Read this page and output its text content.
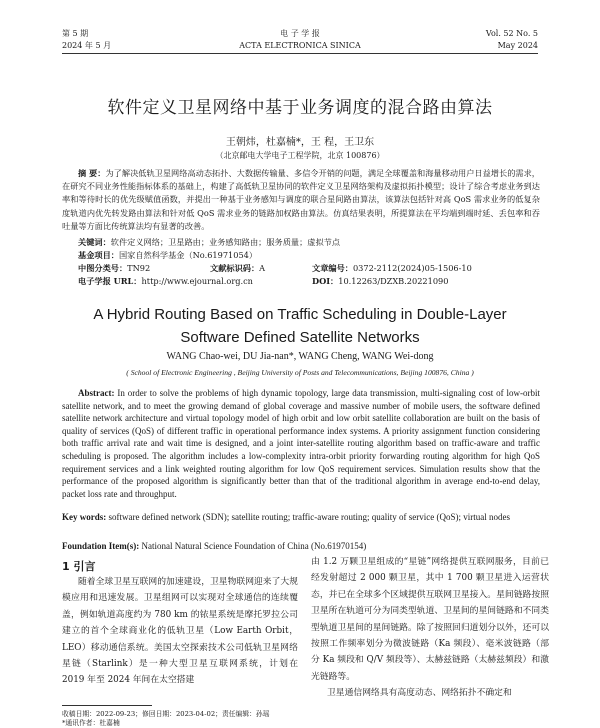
第 5 期	电 子 学 报	Vol. 52 No. 5
2024 年 5 月	ACTA ELECTRONICA SINICA	May 2024
软件定义卫星网络中基于业务调度的混合路由算法
王朝炜，杜嘉楠*，王 程，王卫东
（北京邮电大学电子工程学院，北京 100876）
摘 要：为了解决低轨卫星网络高动态拓扑、大数据传输量、多信令开销的问题，满足全球覆盖和海量移动用户日益增长的需求，在研究不同业务性能指标体系的基础上，构建了高低轨卫星协同的软件定义卫星网络架构及虚拟拓扑模型；设计了综合考虑业务到达率和等待时长的优先级赋值函数，并提出一种基于业务感知与调度的联合星间路由算法，该算法包括针对高 QoS 需求业务的低复杂度轨道内优先转发路由算法和针对低 QoS 需求业务的链路加权路由算法。仿真结果表明，所提算法在平均端到端时延、丢包率和吞吐量等方面比传统算法均有显著的改善。
关键词：软件定义网络；卫星路由；业务感知路由；服务质量；虚拟节点
基金项目：国家自然科学基金（No.61971054）
中图分类号：TN92	文献标识码：A	文章编号：0372-2112(2024)05-1506-10
电子学报 URL：http://www.ejournal.org.cn	DOI：10.12263/DZXB.20221090
A Hybrid Routing Based on Traffic Scheduling in Double-Layer
Software Defined Satellite Networks
WANG Chao-wei, DU Jia-nan*, WANG Cheng, WANG Wei-dong
( School of Electronic Engineering , Beijing University of Posts and Telecommunications, Beijing 100876, China )
Abstract: In order to solve the problems of high dynamic topology, large data transmission, multi-signaling cost of low-orbit satellite network, and to meet the growing demand of global coverage and massive number of mobile users, the software defined satellite network architecture and virtual topology model of high orbit and low orbit satellite collaboration are built on the basis of quality of services (QoS) of different traffic in operational performance index systems. A priority assignment function considering both traffic arrival rate and wait time is designed, and a joint inter-satellite routing algorithm based on traffic-aware and traffic scheduling is proposed. The algorithm includes a low-complexity intra-orbit priority forwarding routing algorithm for high QoS requirement services and a link weighted routing algorithm for low QoS requirement services. Simulation results show that the performance of the proposed algorithm is significantly better than that of the traditional algorithm in average end-to-end delay, packet loss rate and throughput.
Key words: software defined network (SDN); satellite routing; traffic-aware routing; quality of service (QoS); virtual nodes
Foundation Item(s): National Natural Science Foundation of China (No.61970154)
1 引言
随着全球卫星互联网的加速建设，卫星物联网迎来了大规模应用和迅速发展。卫星组网可以实现对全球通信的连续覆盖，例如轨道高度约为 780 km 的铱星系统是摩托罗拉公司建立的首个全球商业化的低轨卫星（Low Earth Orbit，LEO）移动通信系统。美国太空探索技术公司低轨卫星网络星链（Starlink）是一种大型卫星互联网系统，计划在 2019 年至 2024 年间在太空搭建
由 1.2 万颗卫星组成的“星链”网络提供互联网服务，目前已经发射超过 2 000 颗卫星，其中 1 700 颗卫星进入运营状态，并已在全球多个区域提供互联网卫星接入。星间链路按照卫星所在轨道可分为同类型轨道、卫星间的星间链路和不同类型轨道卫星间的星间链路。除了按照回归道划分以外，还可以按照工作频率划分为微波链路（Ka 频段）、毫米波链路（部分 Ka 频段和 Q/V 频段等）、太赫兹链路（太赫兹频段）和激光链路等。
卫星通信网络具有高度动态、网络拓扑不确定和
收稿日期：2022-09-23；修回日期：2023-04-02；责任编辑：孙瑶
*通讯作者：杜嘉楠
